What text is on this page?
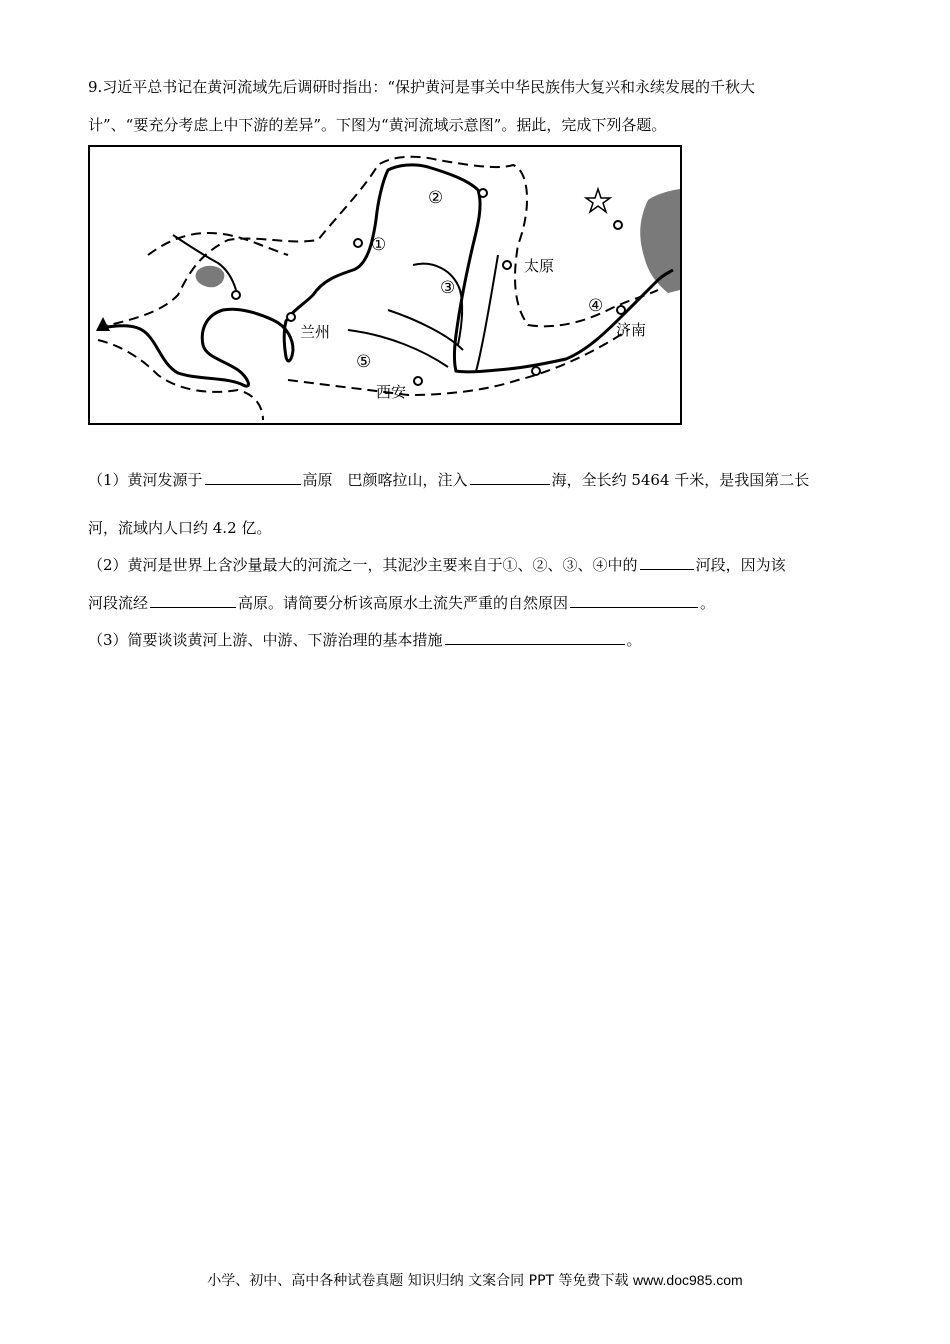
9.习近平总书记在黄河流域先后调研时指出：“保护黄河是事关中华民族伟大复兴和永续发展的千秋大
计”、“要充分考虑上中下游的差异”。下图为“黄河流域示意图”。据此，完成下列各题。
兰州
西安
太原
济南
①
②
③
④
⑤
（1）黄河发源于	高原　巴颜喀拉山，注入	海，全长约 5464 千米，是我国第二长
河，流域内人口约 4.2 亿。
（2）黄河是世界上含沙量最大的河流之一，其泥沙主要来自于①、②、③、④中的	河段，因为该
河段流经	高原。请简要分析该高原水土流失严重的自然原因	。
（3）简要谈谈黄河上游、中游、下游治理的基本措施	。
小学、初中、高中各种试卷真题 知识归纳 文案合同 PPT 等免费下载 www.doc985.com
